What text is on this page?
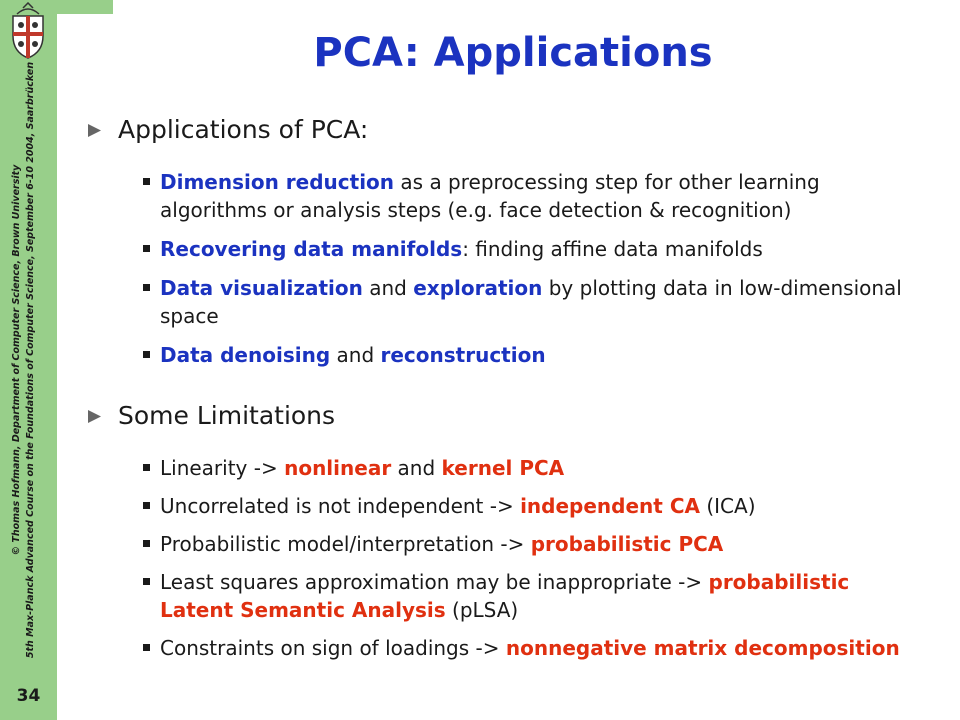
© Thomas Hofmann, Department of Computer Science, Brown University 5th Max-Planck Advanced Course on the Foundations of Computer Science, September 6-10 2004, Saarbrücken
34
PCA: Applications
Applications of PCA:
Dimension reduction as a preprocessing step for other learning algorithms or analysis steps (e.g. face detection & recognition)
Recovering data manifolds: finding affine data manifolds
Data visualization and exploration by plotting data in low-dimensional space
Data denoising and reconstruction
Some Limitations
Linearity -> nonlinear and kernel PCA
Uncorrelated is not independent -> independent CA (ICA)
Probabilistic model/interpretation -> probabilistic PCA
Least squares approximation may be inappropriate -> probabilistic Latent Semantic Analysis (pLSA)
Constraints on sign of loadings -> nonnegative matrix decomposition
